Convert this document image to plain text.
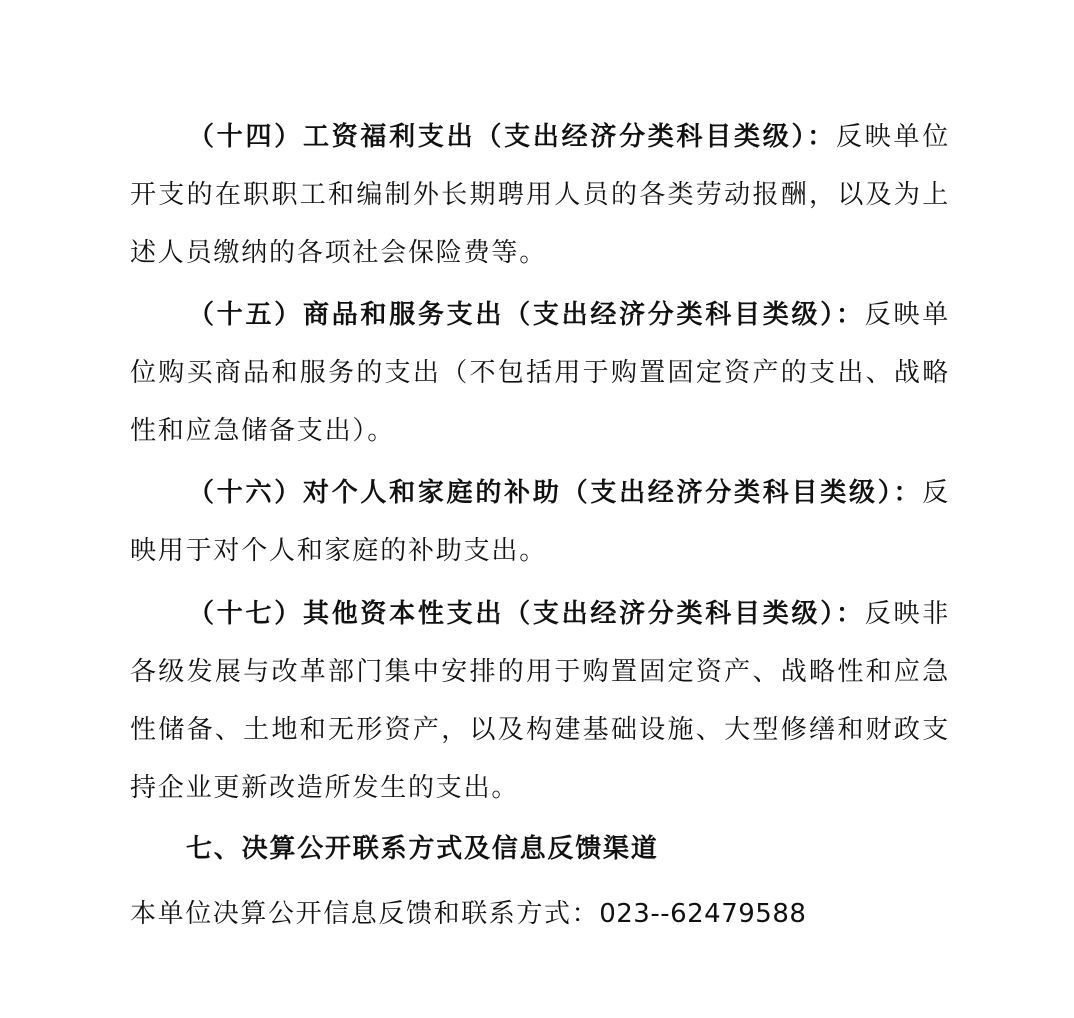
（十四）工资福利支出（支出经济分类科目类级）：反映单位开支的在职职工和编制外长期聘用人员的各类劳动报酬，以及为上述人员缴纳的各项社会保险费等。

（十五）商品和服务支出（支出经济分类科目类级）：反映单位购买商品和服务的支出（不包括用于购置固定资产的支出、战略性和应急储备支出）。

（十六）对个人和家庭的补助（支出经济分类科目类级）：反映用于对个人和家庭的补助支出。

（十七）其他资本性支出（支出经济分类科目类级）：反映非各级发展与改革部门集中安排的用于购置固定资产、战略性和应急性储备、土地和无形资产，以及构建基础设施、大型修缮和财政支持企业更新改造所发生的支出。

七、决算公开联系方式及信息反馈渠道

本单位决算公开信息反馈和联系方式：023--62479588
